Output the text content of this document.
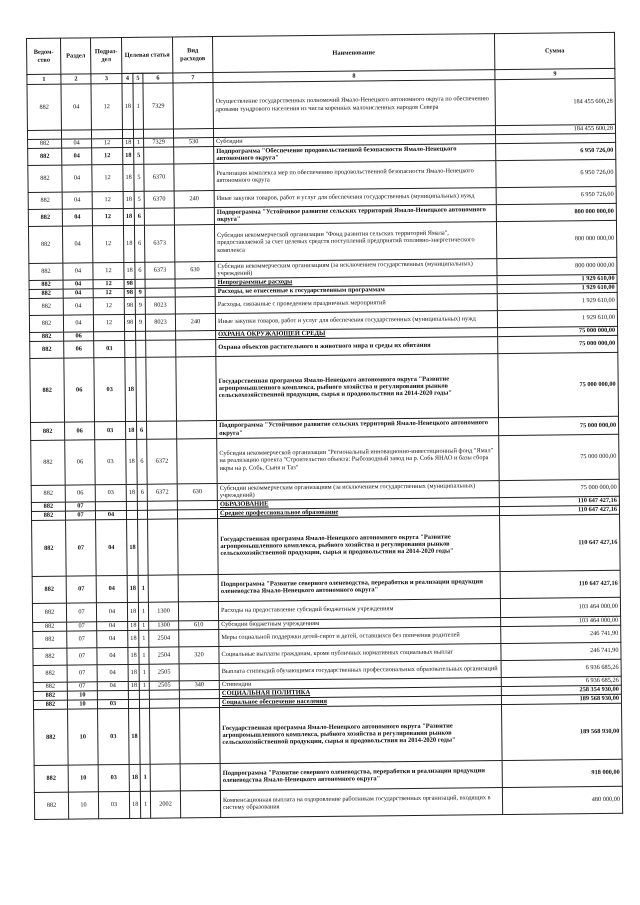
Ведом-ство	Раздел	Подраз-дел	Целевая статья			Вид расходов	Наименование	Сумма

1	2	3	4	5	6	7	8	9
882	04	12	18	1	7329		Осуществление государственных полномочий Ямало-Ненецкого автономного округа по обеспечению дровами тундрового населения из числа коренных малочисленных народов Севера	184 455 600,28
								184 455 600,28
882	04	12	18	1	7329	530	Субсидии	
882	04	12	18	5			Подпрограмма "Обеспечение продовольственной безопасности Ямало-Ненецкого автономного округа"	6 950 726,00
882	04	12	18	5	6370		Реализация комплекса мер по обеспечению продовольственной безопасности Ямало-Ненецкого автономного округа	6 950 726,00
882	04	12	18	5	6370	240	Иные закупки товаров, работ и услуг для обеспечения государственных (муниципальных) нужд	6 950 726,00
882	04	12	18	6			Подпрограмма "Устойчивое развитие сельских территорий Ямало-Ненецкого автономного округа"	800 000 000,00
882	04	12	18	6	6373		Субсидия некоммерческой организации "Фонд развития сельских территорий Ямала", предоставляемой за счет целевых средств поступлений предприятий топливно-энергетического комплекса	800 000 000,00
882	04	12	18	6	6373	630	Субсидии некоммерческим организациям (за исключением государственных (муниципальных) учреждений)	800 000 000,00
882	04	12	98				Непрограммные расходы	1 929 610,00
882	04	12	98	9			Расходы, не отнесенные к государственным программам	1 929 610,00
882	04	12	98	9	8023		Расходы, связанные с проведением праздничных мероприятий	1 929 610,00
882	04	12	98	9	8023	240	Иные закупки товаров, работ и услуг для обеспечения государственных (муниципальных) нужд	1 929 610,00
882	06						ОХРАНА ОКРУЖАЮЩЕЙ СРЕДЫ	75 000 000,00
882	06	03					Охрана объектов растительного и животного мира и среды их обитания	75 000 000,00
882	06	03	18				Государственная программа Ямало-Ненецкого автономного округа "Развитие агропромышленного комплекса, рыбного хозяйства и регулирования рынков сельскохозяйственной продукции, сырья и продовольствия на 2014-2020 годы"	75 000 000,00
882	06	03	18	6			Подпрограмма "Устойчивое развитие сельских территорий Ямало-Ненецкого автономного округа"	75 000 000,00
882	06	03	18	6	6372		Субсидия некоммерческой организации "Региональный инновационно-инвестиционный фонд "Ямал" на реализацию проекта "Строительство объекта: Рыбозводный завод на р. Собь ЯНАО и базы сбора икры на р. Собь, Сыня и Таз"	75 000 000,00
882	06	03	18	6	6372	630	Субсидии некоммерческим организациям (за исключением государственных (муниципальных) учреждений)	75 000 000,00
882	07						ОБРАЗОВАНИЕ	110 647 427,16
882	07	04					Среднее профессиональное образование	110 647 427,16
882	07	04	18				Государственная программа Ямало-Ненецкого автономного округа "Развитие агропромышленного комплекса, рыбного хозяйства и регулирования рынков сельскохозяйственной продукции, сырья и продовольствия на 2014-2020 годы"	110 647 427,16
882	07	04	18	1			Подпрограмма "Развитие северного оленеводства, переработки и реализации продукции оленеводства Ямало-Ненецкого автономного округа"	110 647 427,16
882	07	04	18	1	1300		Расходы на предоставление субсидий бюджетным учреждениям	103 464 000,00
882	07	04	18	1	1300	610	Субсидии бюджетным учреждениям	103 464 000,00
882	07	04	18	1	2504		Меры социальной поддержки детей-сирот и детей, оставшихся без попечения родителей	246 741,90
882	07	04	18	1	2504	320	Социальные выплаты гражданам, кроме публичных нормативных социальных выплат	246 741,90
882	07	04	18	1	2505		Выплата стипендий обучающимся государственных профессиональных образовательных организаций	6 936 685,26
882	07	04	18	1	2505	340	Стипендии	6 936 685,26
882	10						СОЦИАЛЬНАЯ ПОЛИТИКА	258 354 930,00
882	10	03					Социальное обеспечение населения	189 568 930,00
882	10	03	18				Государственная программа Ямало-Ненецкого автономного округа "Развитие агропромышленного комплекса, рыбного хозяйства и регулирования рынков сельскохозяйственной продукции, сырья и продовольствия на 2014-2020 годы"	189 568 930,00
882	10	03	18	1			Подпрограмма "Развитие северного оленеводства, переработки и реализации продукции оленеводства Ямало-Ненецкого автономного округа"	918 000,00
882	10	03	18	1	2002		Компенсационная выплата на оздоровление работникам государственных организаций, входящих в систему образования	480 000,00
